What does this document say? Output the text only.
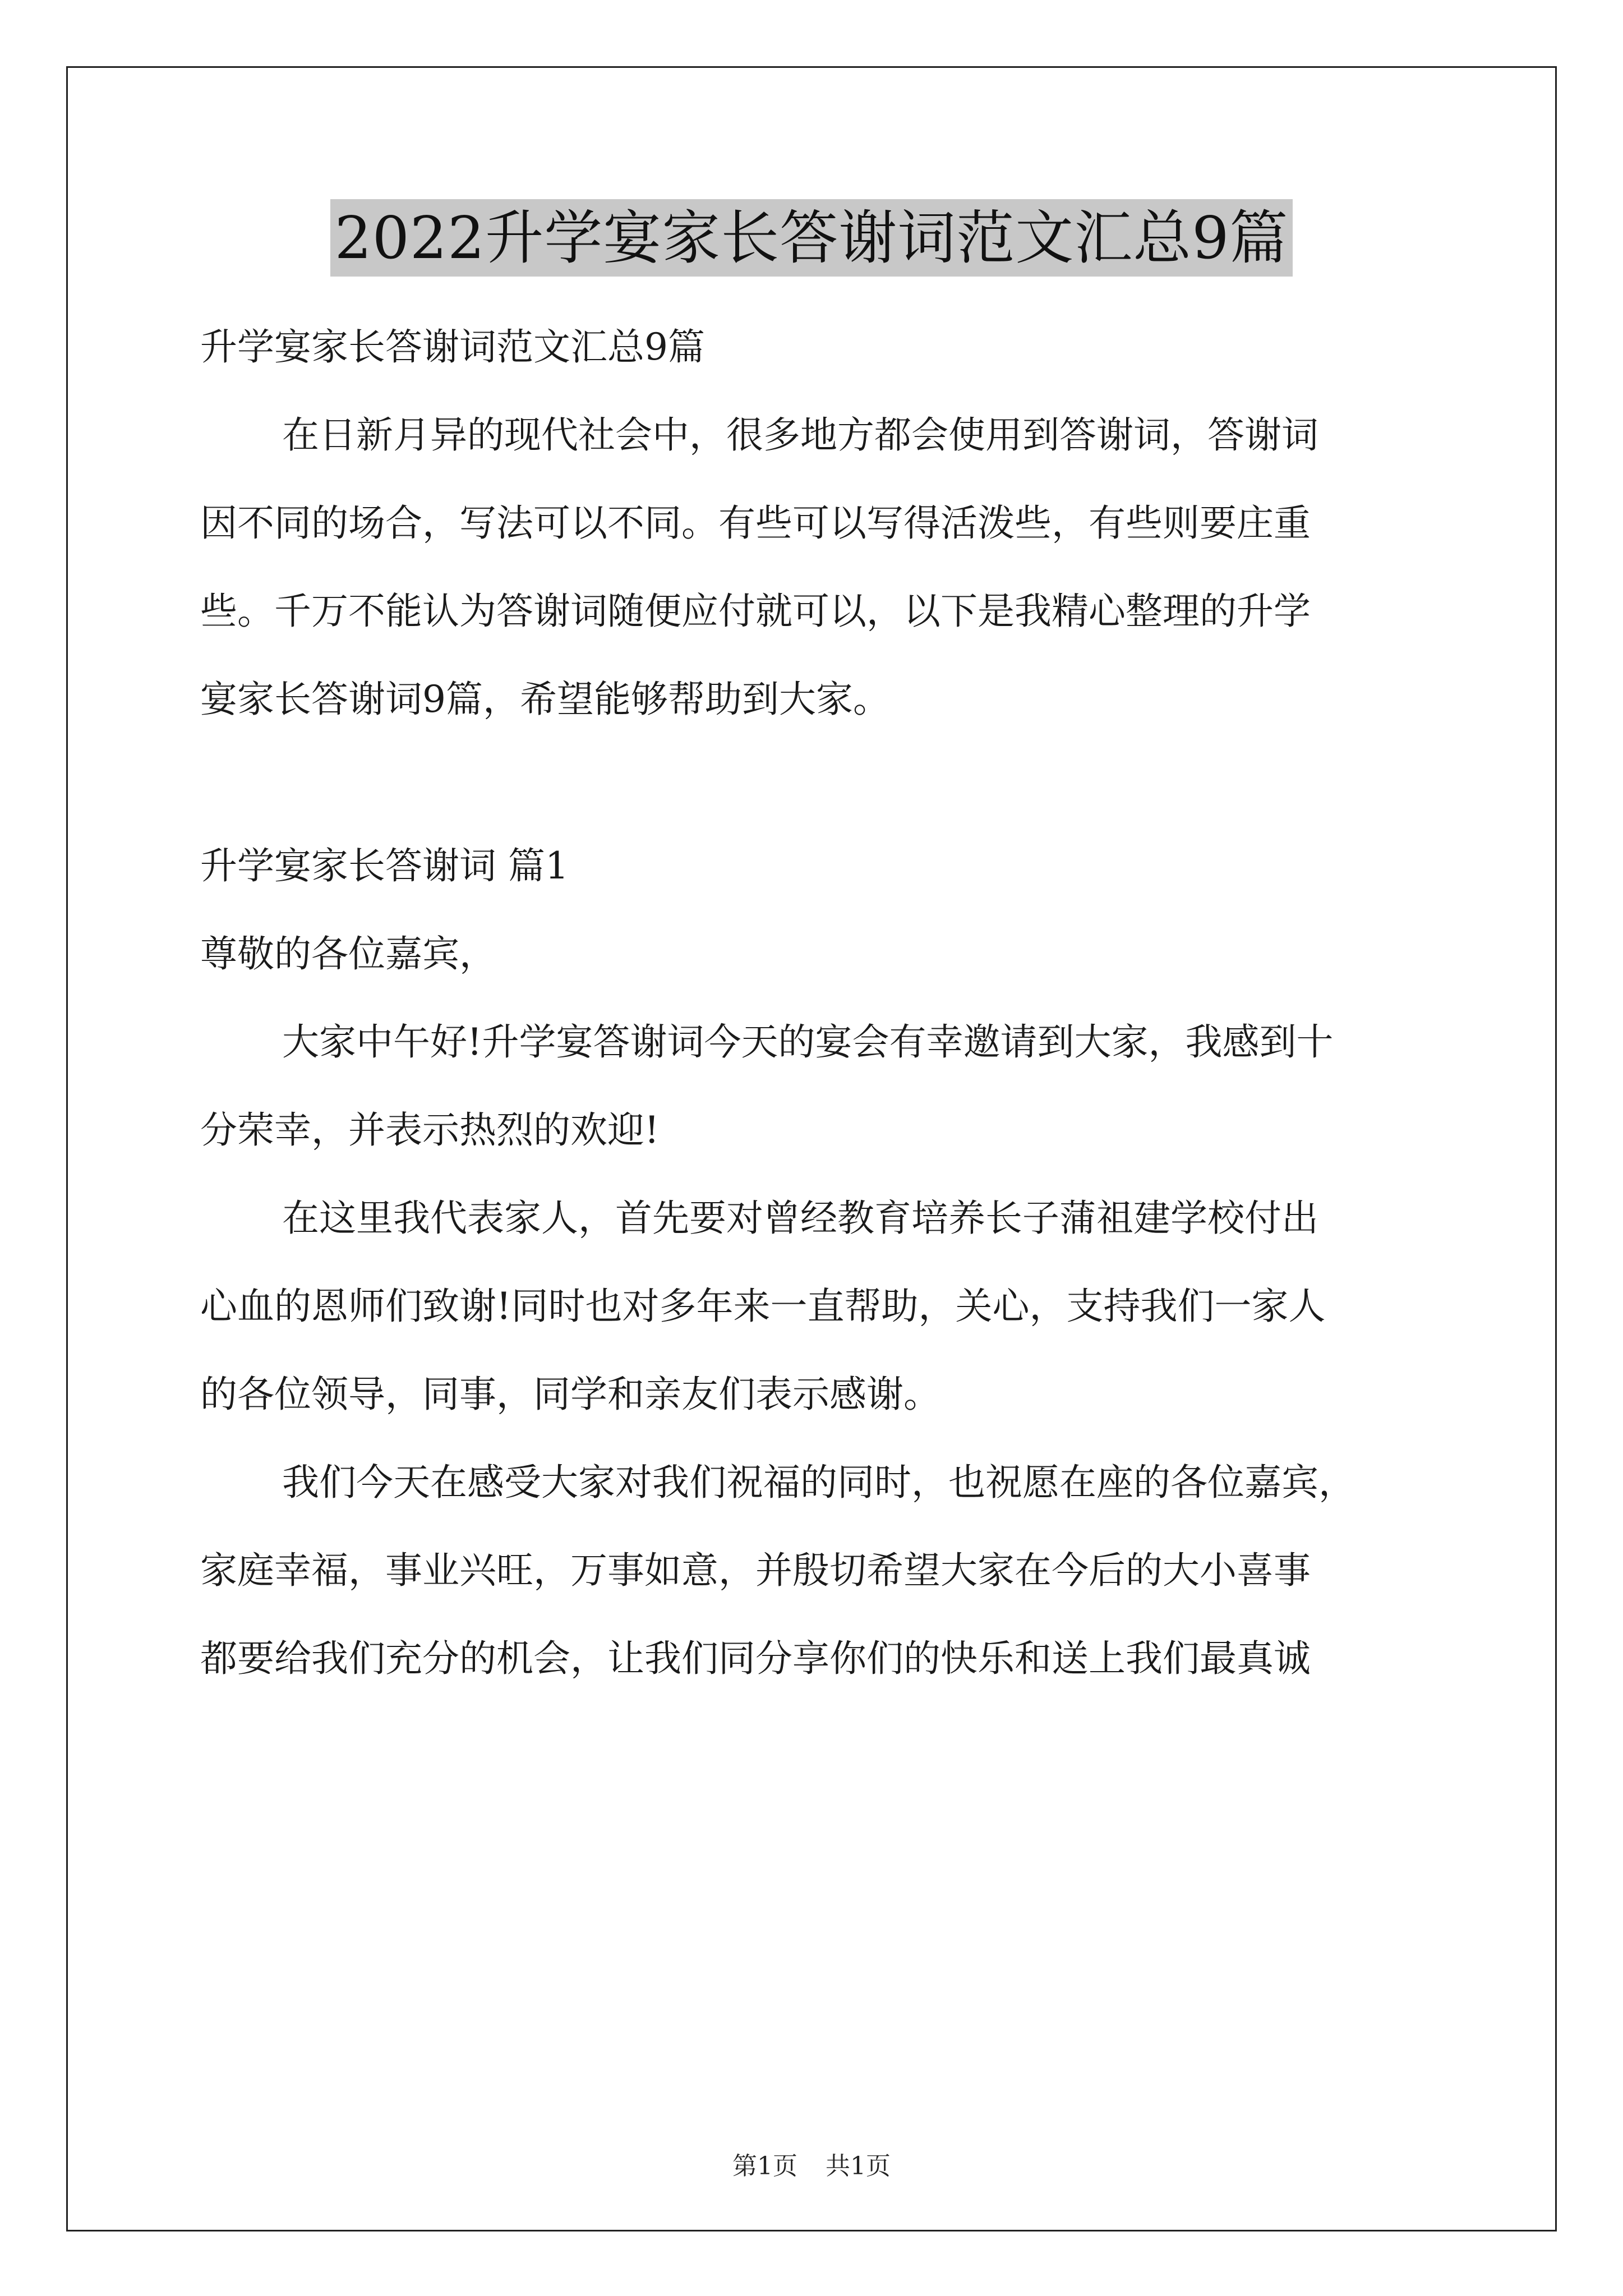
2022升学宴家长答谢词范文汇总9篇
升学宴家长答谢词范文汇总9篇
在日新月异的现代社会中，很多地方都会使用到答谢词，答谢词
因不同的场合，写法可以不同。有些可以写得活泼些，有些则要庄重
些。千万不能认为答谢词随便应付就可以，以下是我精心整理的升学
宴家长答谢词9篇，希望能够帮助到大家。
升学宴家长答谢词 篇1
尊敬的各位嘉宾，
大家中午好!升学宴答谢词今天的宴会有幸邀请到大家，我感到十
分荣幸，并表示热烈的欢迎!
在这里我代表家人，首先要对曾经教育培养长子蒲祖建学校付出
心血的恩师们致谢!同时也对多年来一直帮助，关心，支持我们一家人
的各位领导，同事，同学和亲友们表示感谢。
我们今天在感受大家对我们祝福的同时，也祝愿在座的各位嘉宾，
家庭幸福，事业兴旺，万事如意，并殷切希望大家在今后的大小喜事
都要给我们充分的机会，让我们同分享你们的快乐和送上我们最真诚
第1页 共1页
